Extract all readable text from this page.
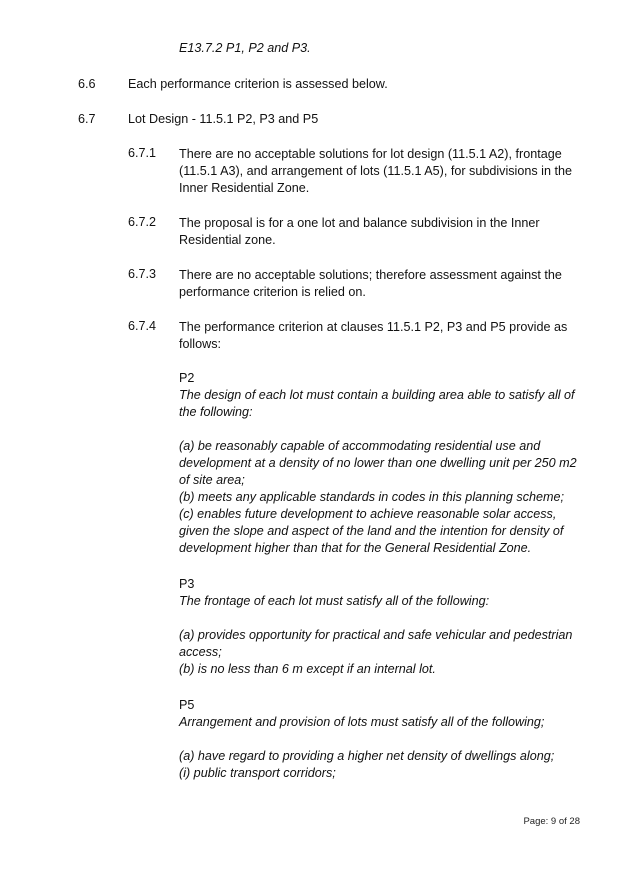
E13.7.2 P1, P2 and P3.
6.6	Each performance criterion is assessed below.
6.7	Lot Design - 11.5.1 P2, P3 and P5
6.7.1 There are no acceptable solutions for lot design (11.5.1 A2), frontage
(11.5.1 A3), and arrangement of lots (11.5.1 A5), for subdivisions in the
Inner Residential Zone.
6.7.2 The proposal is for a one lot and balance subdivision in the Inner
Residential zone.
6.7.3 There are no acceptable solutions; therefore assessment against the
performance criterion is relied on.
6.7.4 The performance criterion at clauses 11.5.1 P2, P3 and P5 provide as
follows:
P2
The design of each lot must contain a building area able to satisfy all of
the following:
(a) be reasonably capable of accommodating residential use and
development at a density of no lower than one dwelling unit per 250 m2
of site area;
(b) meets any applicable standards in codes in this planning scheme;
(c) enables future development to achieve reasonable solar access,
given the slope and aspect of the land and the intention for density of
development higher than that for the General Residential Zone.
P3
The frontage of each lot must satisfy all of the following:
(a) provides opportunity for practical and safe vehicular and pedestrian
access;
(b) is no less than 6 m except if an internal lot.
P5
Arrangement and provision of lots must satisfy all of the following;
(a) have regard to providing a higher net density of dwellings along;
(i) public transport corridors;
Page: 9 of 28
